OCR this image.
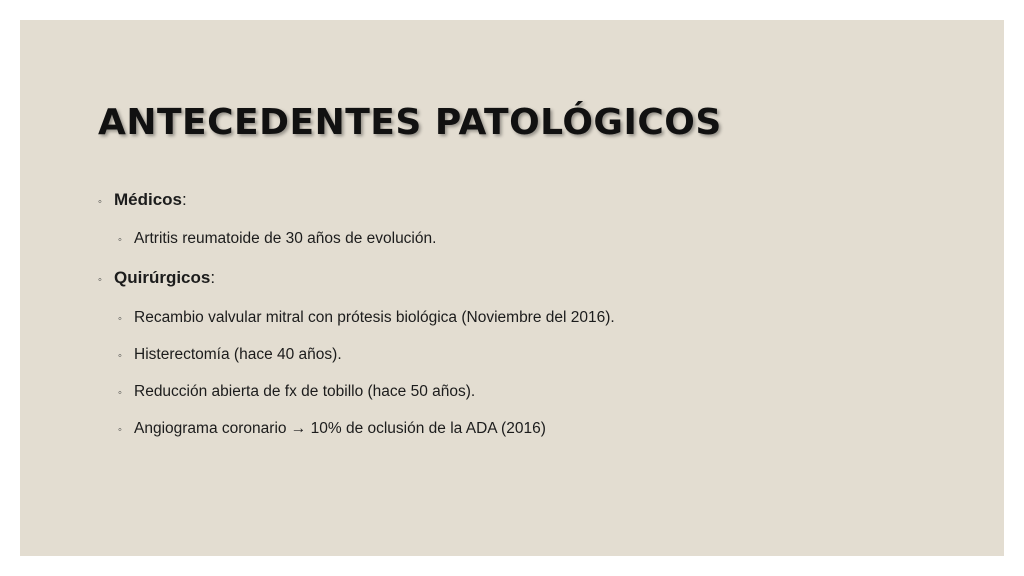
ANTECEDENTES PATOLÓGICOS
◦ Médicos :
◦ Artritis reumatoide de 30 años de evolución.
◦ Quirúrgicos :
◦ Recambio valvular mitral con prótesis biológica (Noviembre del 2016).
◦ Histerectomía (hace 40 años).
◦ Reducción abierta de fx de tobillo (hace 50 años).
◦ Angiograma coronario → 10% de oclusión de la ADA (2016)
